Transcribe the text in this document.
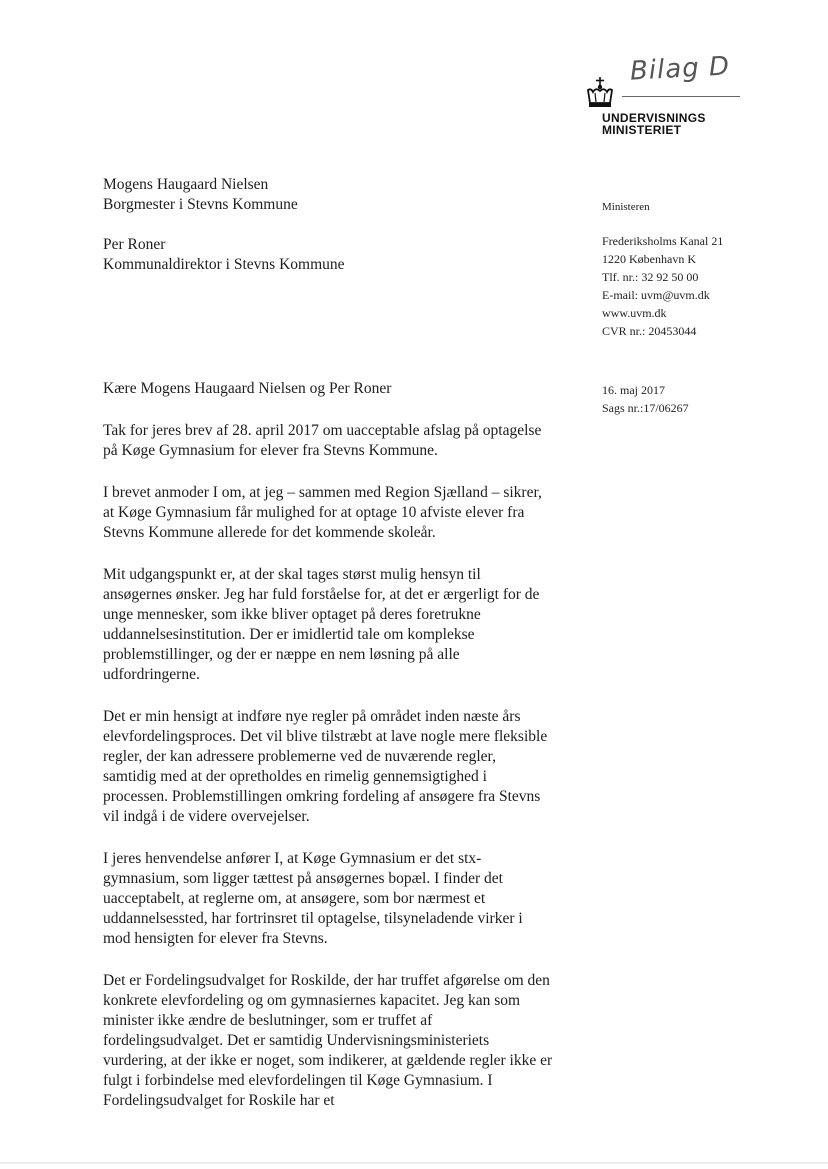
Bilag D
UNDERVISNINGS
MINISTERIET
Mogens Haugaard Nielsen
Borgmester i Stevns Kommune
Per Roner
Kommunaldirektor i Stevns Kommune
Ministeren
Frederiksholms Kanal 21
1220 København K
Tlf. nr.: 32 92 50 00
E-mail: uvm@uvm.dk
www.uvm.dk
CVR nr.: 20453044
16. maj 2017
Sags nr.:17/06267

Kære Mogens Haugaard Nielsen og Per Roner

Tak for jeres brev af 28. april 2017 om uacceptable afslag på optagelse på Køge Gymnasium for elever fra Stevns Kommune.

I brevet anmoder I om, at jeg – sammen med Region Sjælland – sikrer, at Køge Gymnasium får mulighed for at optage 10 afviste elever fra Stevns Kommune allerede for det kommende skoleår.

Mit udgangspunkt er, at der skal tages størst mulig hensyn til ansøgernes ønsker. Jeg har fuld forståelse for, at det er ærgerligt for de unge mennesker, som ikke bliver optaget på deres foretrukne uddannelsesinstitution. Der er imidlertid tale om komplekse problemstillinger, og der er næppe en nem løsning på alle udfordringerne.

Det er min hensigt at indføre nye regler på området inden næste års elevfordelingsproces. Det vil blive tilstræbt at lave nogle mere fleksible regler, der kan adressere problemerne ved de nuværende regler, samtidig med at der opretholdes en rimelig gennemsigtighed i processen. Problemstillingen omkring fordeling af ansøgere fra Stevns vil indgå i de videre overvejelser.

I jeres henvendelse anfører I, at Køge Gymnasium er det stx-gymnasium, som ligger tættest på ansøgernes bopæl. I finder det uacceptabelt, at reglerne om, at ansøgere, som bor nærmest et uddannelsessted, har fortrinsret til optagelse, tilsyneladende virker i mod hensigten for elever fra Stevns.

Det er Fordelingsudvalget for Roskilde, der har truffet afgørelse om den konkrete elevfordeling og om gymnasiernes kapacitet. Jeg kan som minister ikke ændre de beslutninger, som er truffet af fordelingsudvalget. Det er samtidig Undervisningsministeriets vurdering, at der ikke er noget, som indikerer, at gældende regler ikke er fulgt i forbindelse med elevfordelingen til Køge Gymnasium. I Fordelingsudvalget for Roskile har et
